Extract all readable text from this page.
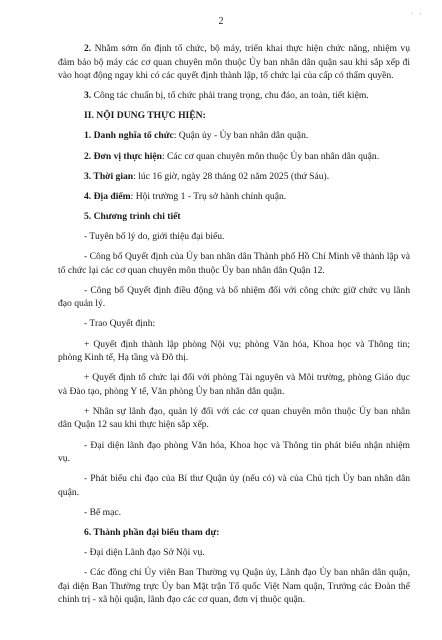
2	ʿ ʾ

2. Nhằm sớm ổn định tổ chức, bộ máy, triển khai thực hiện chức năng, nhiệm vụ đảm bảo bộ máy các cơ quan chuyên môn thuộc Ủy ban nhân dân quận sau khi sắp xếp đi vào hoạt động ngay khi có các quyết định thành lập, tổ chức lại của cấp có thẩm quyền.

3. Công tác chuẩn bị, tổ chức phải trang trọng, chu đáo, an toàn, tiết kiệm.

II. NỘI DUNG THỰC HIỆN:

1. Danh nghĩa tổ chức: Quận ủy - Ủy ban nhân dân quận.

2. Đơn vị thực hiện: Các cơ quan chuyên môn thuộc Ủy ban nhân dân quận.

3. Thời gian: lúc 16 giờ, ngày 28 tháng 02 năm 2025 (thứ Sáu).

4. Địa điểm: Hội trường 1 - Trụ sở hành chính quận.

5. Chương trình chi tiết

- Tuyên bố lý do, giới thiệu đại biểu.

- Công bố Quyết định của Ủy ban nhân dân Thành phố Hồ Chí Minh về thành lập và tổ chức lại các cơ quan chuyên môn thuộc Ủy ban nhân dân Quận 12.

- Công bố Quyết định điều động và bổ nhiệm đối với công chức giữ chức vụ lãnh đạo quản lý.

- Trao Quyết định:

+ Quyết định thành lập phòng Nội vụ; phòng Văn hóa, Khoa học và Thông tin; phòng Kinh tế, Hạ tầng và Đô thị.

+ Quyết định tổ chức lại đối với phòng Tài nguyên và Môi trường, phòng Giáo dục và Đào tạo, phòng Y tế, Văn phòng Ủy ban nhân dân quận.

+ Nhân sự lãnh đạo, quản lý đối với các cơ quan chuyên môn thuộc Ủy ban nhân dân Quận 12 sau khi thực hiện sắp xếp.

- Đại diện lãnh đạo phòng Văn hóa, Khoa học và Thông tin phát biểu nhận nhiệm vụ.

- Phát biểu chỉ đạo của Bí thư Quận ủy (nếu có) và của Chủ tịch Ủy ban nhân dân quận.

- Bế mạc.

6. Thành phần đại biểu tham dự:

- Đại diện Lãnh đạo Sở Nội vụ.

- Các đồng chí Ủy viên Ban Thường vụ Quận ủy, Lãnh đạo Ủy ban nhân dân quận, đại diện Ban Thường trực Ủy ban Mặt trận Tổ quốc Việt Nam quận, Trưởng các Đoàn thể chính trị - xã hội quận, lãnh đạo các cơ quan, đơn vị thuộc quận.
